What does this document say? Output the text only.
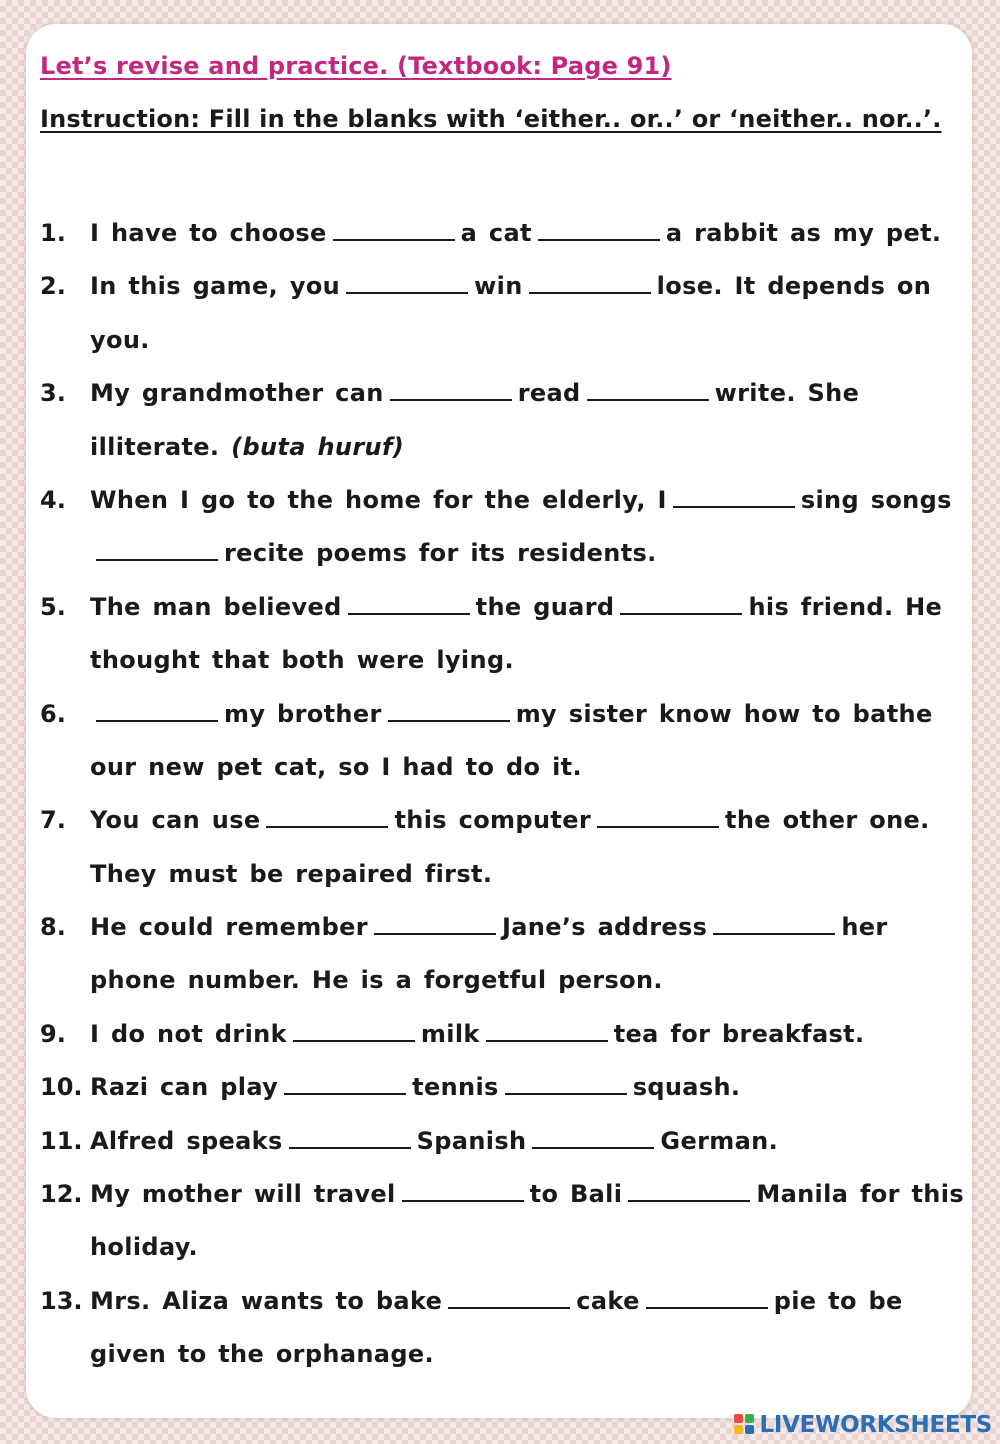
Let’s revise and practice. (Textbook: Page 91)
Instruction: Fill in the blanks with ‘either.. or..’ or ‘neither.. nor..’.
1.	I have to choose	a cat	a rabbit as my pet.
2.	In this game, you	win	lose. It depends on
you.
3.	My grandmother can	read	write. She
illiterate. (buta huruf)
4.	When I go to the home for the elderly, I	sing songs
recite poems for its residents.
5.	The man believed	the guard	his friend. He
thought that both were lying.
6.	my brother	my sister know how to bathe
our new pet cat, so I had to do it.
7.	You can use	this computer	the other one.
They must be repaired first.
8.	He could remember	Jane’s address	her
phone number. He is a forgetful person.
9.	I do not drink	milk	tea for breakfast.
10. Razi can play	tennis	squash.
11. Alfred speaks	Spanish	German.
12. My mother will travel	to Bali	Manila for this
holiday.
13. Mrs. Aliza wants to bake	cake	pie to be
given to the orphanage.
LIVEWORKSHEETS
